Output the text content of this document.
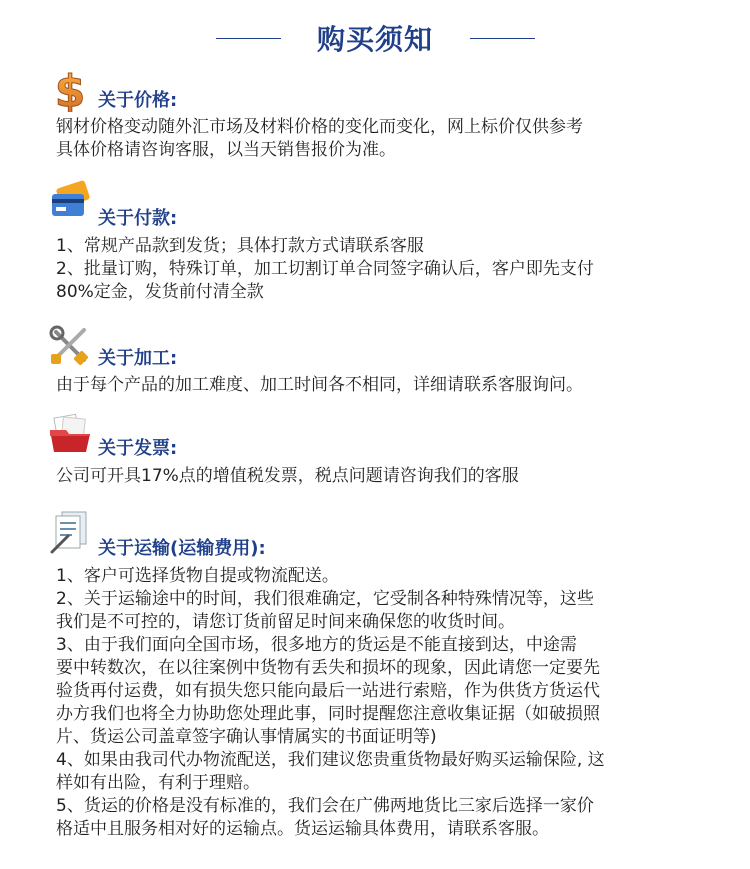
购买须知
$ 关于价格:
钢材价格变动随外汇市场及材料价格的变化而变化，网上标价仅供参考
具体价格请咨询客服，以当天销售报价为准。
关于付款:
1、常规产品款到发货；具体打款方式请联系客服
2、批量订购，特殊订单，加工切割订单合同签字确认后，客户即先支付
80%定金，发货前付清全款
关于加工:
由于每个产品的加工难度、加工时间各不相同，详细请联系客服询问。
关于发票:
公司可开具17%点的增值税发票，税点问题请咨询我们的客服
关于运输(运输费用):
1、客户可选择货物自提或物流配送。
2、关于运输途中的时间，我们很难确定，它受制各种特殊情况等，这些
我们是不可控的，请您订货前留足时间来确保您的收货时间。
3、由于我们面向全国市场，很多地方的货运是不能直接到达，中途需
要中转数次，在以往案例中货物有丢失和损坏的现象，因此请您一定要先
验货再付运费，如有损失您只能向最后一站进行索赔，作为供货方货运代
办方我们也将全力协助您处理此事，同时提醒您注意收集证据（如破损照
片、货运公司盖章签字确认事情属实的书面证明等)
4、如果由我司代办物流配送，我们建议您贵重货物最好购买运输保险, 这
样如有出险，有利于理赔。
5、货运的价格是没有标准的，我们会在广佛两地货比三家后选择一家价
格适中且服务相对好的运输点。货运运输具体费用，请联系客服。
